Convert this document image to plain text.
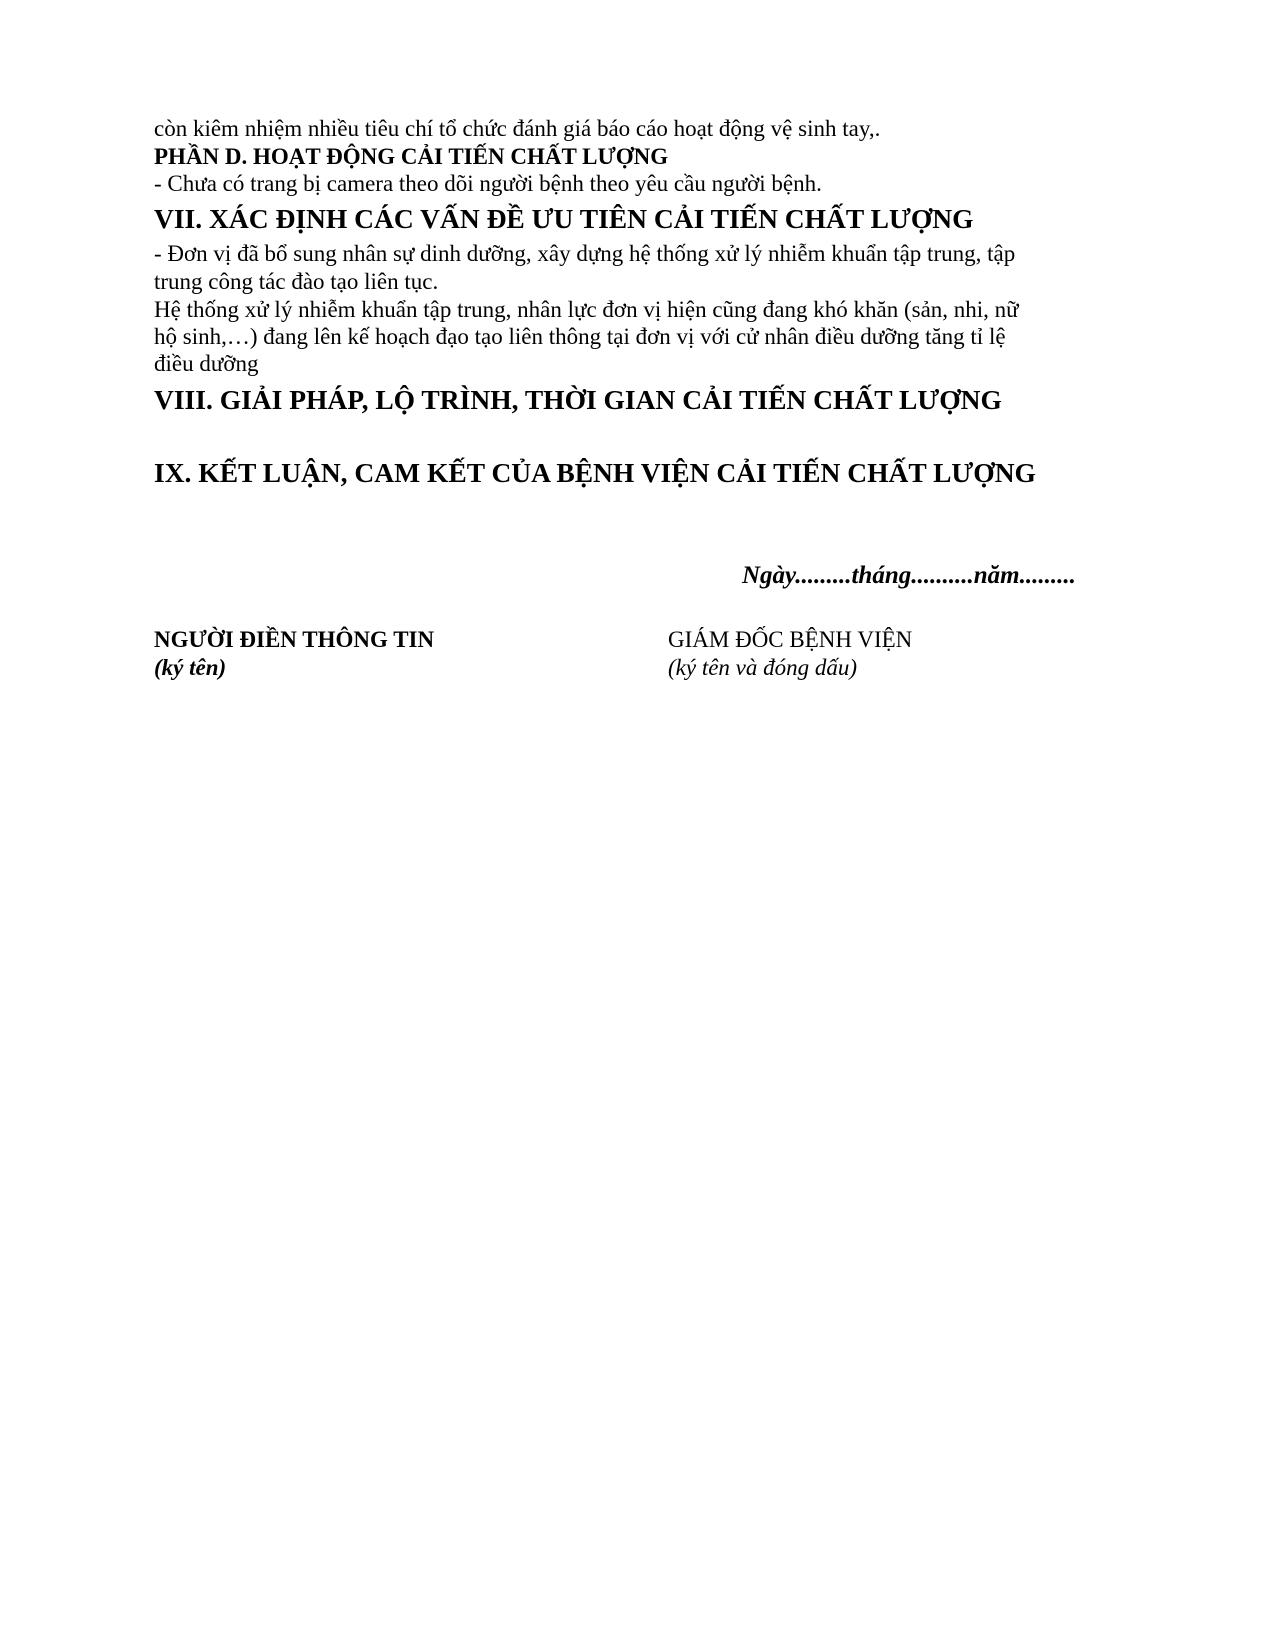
còn kiêm nhiệm nhiều tiêu chí tổ chức đánh giá báo cáo hoạt động vệ sinh tay,.
PHẦN D. HOẠT ĐỘNG CẢI TIẾN CHẤT LƯỢNG
- Chưa có trang bị camera theo dõi người bệnh theo yêu cầu người bệnh.
VII. XÁC ĐỊNH CÁC VẤN ĐỀ ƯU TIÊN CẢI TIẾN CHẤT LƯỢNG
- Đơn vị đã bổ sung nhân sự dinh dưỡng, xây dựng hệ thống xử lý nhiễm khuẩn tập trung, tập
trung công tác đào tạo liên tục.
Hệ thống xử lý nhiễm khuẩn tập trung, nhân lực đơn vị hiện cũng đang khó khăn (sản, nhi, nữ
hộ sinh,…) đang lên kế hoạch đạo tạo liên thông tại đơn vị với cử nhân điều dưỡng tăng tỉ lệ
điều dưỡng
VIII. GIẢI PHÁP, LỘ TRÌNH, THỜI GIAN CẢI TIẾN CHẤT LƯỢNG
IX. KẾT LUẬN, CAM KẾT CỦA BỆNH VIỆN CẢI TIẾN CHẤT LƯỢNG
Ngày.........tháng..........năm.........
NGƯỜI ĐIỀN THÔNG TIN
(ký tên)
GIÁM ĐỐC BỆNH VIỆN
(ký tên và đóng dấu)
